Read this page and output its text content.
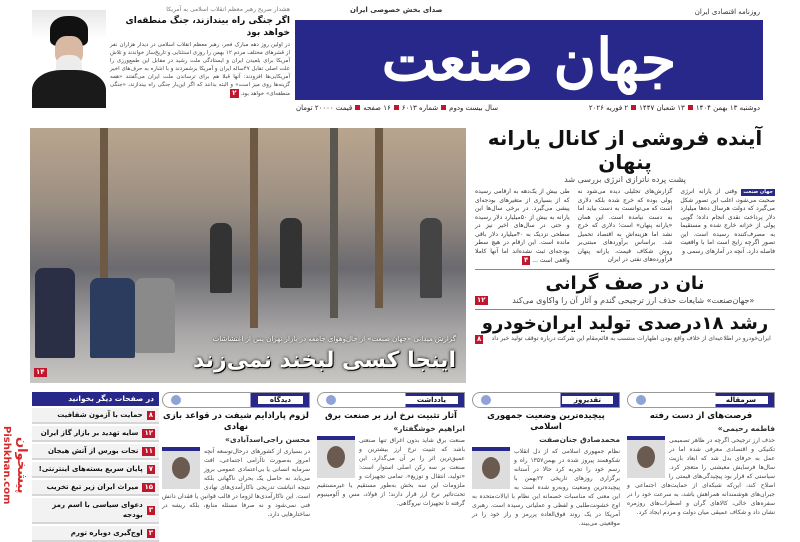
روزنامه اقتصادی ایران
صدای بخش خصوصی ایران
جهان صنعت
دوشنبه ۱۳ بهمن ۱۴۰۴۱۳ شعبان ۱۴۴۷۲ فوریه ۲۰۲۶
سال بیست ودومشماره ۶۰۱۳۱۶ صفحهقیمت ۲۰۰۰۰ تومان
هشدار صریح رهبر معظم انقلاب اسلامی به آمریکا
اگر جنگی راه بیندازند، جنگ منطقه‌ای خواهد بود
در اولین روز دهه مبارک فجر، رهبر معظم انقلاب اسلامی در دیدار هزاران نفر از قشرهای مختلف مردم ۱۲ بهمن را روزی استثنایی و تاریخ‌ساز خواندند و تلاش آمریکا برای بلعیدن ایران و ایستادگی ملت رشید در مقابل این طمع‌ورزی را علت اصلی تقابل ۴۷ساله ایران و آمریکا برشمردند و با اشاره به حرف‌های اخیر آمریکایی‌ها افزودند: آنها قبلا هم برای ترساندن ملت ایران می‌گفتند «همه گزینه‌ها روی میز است» و البته بدانند که اگر این‌بار جنگی راه بیندازند، «جنگی منطقه‌ای» خواهد بود. ۲
گزارش میدانی «جهان صنعت» از حال‌وهوای جامعه در بازار تهران پس از اغتشاشات
اینجا کسی لبخند نمی‌زند
۱۴
آینده فروشی از کانال یارانه پنهان
پشت پرده ناترازی انرژی بررسی شد
جهان صنعت وقتی از یارانه انرژی صحبت می‌شود، اغلب این تصور شکل می‌گیرد که دولت هرسال ده‌ها میلیارد دلار پرداخت نقدی انجام داده؛ گویی پولی از خزانه خارج شده و مستقیما به مصرف‌کننده رسیده است. این تصور اگرچه رایج است اما با واقعیت فاصله دارد. آنچه در آمارهای رسمی و
گزارش‌های تحلیلی دیده می‌شود نه پولی بوده که خرج شده بلکه دلاری است که می‌توانست به دست بیاید اما به دست نیامده است. این همان «یارانه پنهان» است؛ دلاری که خرج نشد اما هزینه‌اش به اقتصاد تحمیل شد. براساس برآوردهای مبتنی‌بر روش شکاف قیمت، یارانه پنهان فرآورده‌های نفتی در ایران
طی بیش از یک‌دهه به ارقامی رسیده که از بسیاری از متغیرهای بودجه‌ای پیشی می‌گیرد. در برخی سال‌ها این یارانه به بیش از ۵۰میلیارد دلار رسیده و حتی در سال‌های اخیر نیز در سطحی نزدیک به ۴۰میلیارد دلار باقی مانده است. این ارقام در هیچ سطر بودجه‌ای ثبت نشده‌اند اما آنها کاملا واقعی است ... ۴
نان در صف گرانی
۱۲	«جهان‌صنعت» شایعات حذف ارز ترجیحی گندم و آثار آن را واکاوی می‌کند
رشد ۱۸درصدی تولید ایران‌خودرو
۸	ایران‌خودرو در اطلاعیه‌ای از خلاف واقع بودن اظهارات منتسب به قائم‌مقام این شرکت درباره توقف تولید خبر داد
در صفحات دیگر بخوانید
۸
حمایت با آزمون شفافیت
۱۲
سایه تهدید بر بازار گاز ایران
۱۱
نجات بورس از آتش هیجان
۷
پایان سریع بسته‌های اینترنتی!
۱۵
میراث ایران زیر تیغ تخریب
۳
دعوای سیاسی با اسم رمز بودجه
۳
اوج‌گیری دوباره تورم
سرمقاله
فرصت‌های از دست رفته
فاطمه رحیمی»
حذف ارز ترجیحی اگرچه در ظاهر تصمیمی تکنیکی و اقتصادی معرفی شده اما در عمل به حرفای بدل شد که ابعاد بازیت سال‌ها فرسایش معیشتی را متعجز کرد. سیاستی که قرار بود پیچیدگی‌های قیمتی را اصلاح کند، این‌که شبکه‌ای از حمایت‌های اجتماعی و جبران‌های هوشمندانه همراهش باشد، به سرعت خود را در سفره‌های خالی، کالاهای گران و اضطراب‌های روزمره نشان داد و شکاف عمیقی میان دولت و مردم ایجاد کرد.
تقدیروز
پیچیده‌ترین وضعیت جمهوری اسلامی
محمدصادق جنان‌صفت
نظام جمهوری اسلامی که از دل انقلاب شکوهمند پیروز شده در بهمن۱۳۵۷ راه و رسم خود را تجربه کرد حالا در آستانه برگزاری روزهای تاریخی ۲۲بهمن با پیچیده‌ترین وضعیت روبه‌رو شده است به این معنی که مناسبات خصمانه این نظام با ایالات‌متحده به اوج خشونت‌طلبی و لفظی و عملیاتی رسیده است. رهبری آمریکا در یک روند فوق‌العاده پررمز و راز خود را در موقعیتی می‌بیند.
یادداشت
آثار تثبیت نرخ ارز بر صنعت برق
ابراهیم خوشگفتار»
صنعت برق شاید بدون اغراق تنها صنعتی باشد که تثبیت نرخ ارز بیشترین و عمیق‌ترین اثر را بر آن می‌گذارد. این صنعت بر سه رکن اصلی استوار است: «تولید، انتقال و توزیع». تمامی تجهیزات و ملزومات این سه بخش به‌طور مستقیم یا غیرمستقیم تحت‌تاثیر نرخ ارز قرار دارند؛ از فولاد، مس و آلومینیوم گرفته تا تجهیزات نیروگاهی.
دیدگاه
لزوم پارادایم شیفت در قواعد بازی نهادی
محسن راجی‌اسدآبادی»
در بسیاری از کشورهای درحال‌توسعه آنچه امروز به‌صورت ناآرامی اجتماعی، افت سرمایه انسانی یا بی‌اعتمادی عمومی بروز می‌یابد نه حاصل یک بحران ناگهانی بلکه نتیجه انباشت تدریجی ناکارآمدی‌های نهادی است. این ناکارآمدی‌ها لزوما در قالب قوانین یا فقدان دانش فنی نمی‌شود و نه صرفا مسئله منابع، بلکه ریشه در ساختارهایی دارد.
پیشخوان
Pishkhan.com
